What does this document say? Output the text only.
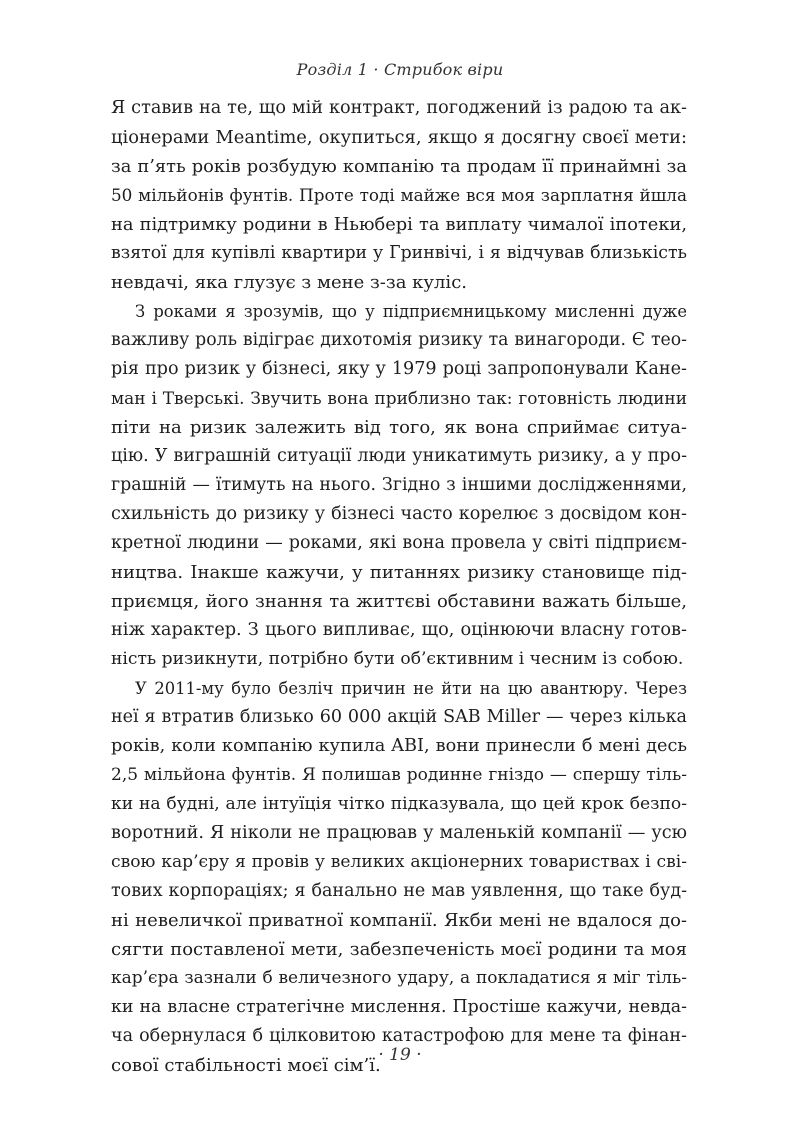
Розділ 1 · Стрибок віри

Я ставив на те, що мій контракт, погоджений із радою та ак-
ціонерами Meantime, окупиться, якщо я досягну своєї мети:
за п’ять років розбудую компанію та продам її принаймні за
50 мільйонів фунтів. Проте тоді майже вся моя зарплатня йшла
на підтримку родини в Ньюбері та виплату чималої іпотеки,
взятої для купівлі квартири у Гринвічі, і я відчував близькість
невдачі, яка глузує з мене з-за куліс.

З роками я зрозумів, що у підприємницькому мисленні дуже
важливу роль відіграє дихотомія ризику та винагороди. Є тео-
рія про ризик у бізнесі, яку у 1979 році запропонували Кане-
ман і Тверські. Звучить вона приблизно так: готовність людини
піти на ризик залежить від того, як вона сприймає ситуа-
цію. У виграшній ситуації люди уникатимуть ризику, а у про-
грашній — їтимуть на нього. Згідно з іншими дослідженнями,
схильність до ризику у бізнесі часто корелює з досвідом кон-
кретної людини — роками, які вона провела у світі підприєм-
ництва. Інакше кажучи, у питаннях ризику становище під-
приємця, його знання та життєві обставини важать більше,
ніж характер. З цього випливає, що, оцінюючи власну готов-
ність ризикнути, потрібно бути об’єктивним і чесним із собою.

У 2011-му було безліч причин не йти на цю авантюру. Через
неї я втратив близько 60 000 акцій SAB Miller — через кілька
років, коли компанію купила ABI, вони принесли б мені десь
2,5 мільйона фунтів. Я полишав родинне гніздо — спершу тіль-
ки на будні, але інтуїція чітко підказувала, що цей крок безпо-
воротний. Я ніколи не працював у маленькій компанії — усю
свою кар’єру я провів у великих акціонерних товариствах і сві-
тових корпораціях; я банально не мав уявлення, що таке буд-
ні невеличкої приватної компанії. Якби мені не вдалося до-
сягти поставленої мети, забезпеченість моєї родини та моя
кар’єра зазнали б величезного удару, а покладатися я міг тіль-
ки на власне стратегічне мислення. Простіше кажучи, невда-
ча обернулася б цілковитою катастрофою для мене та фінан-
сової стабільності моєї сім’ї.

· 19 ·
